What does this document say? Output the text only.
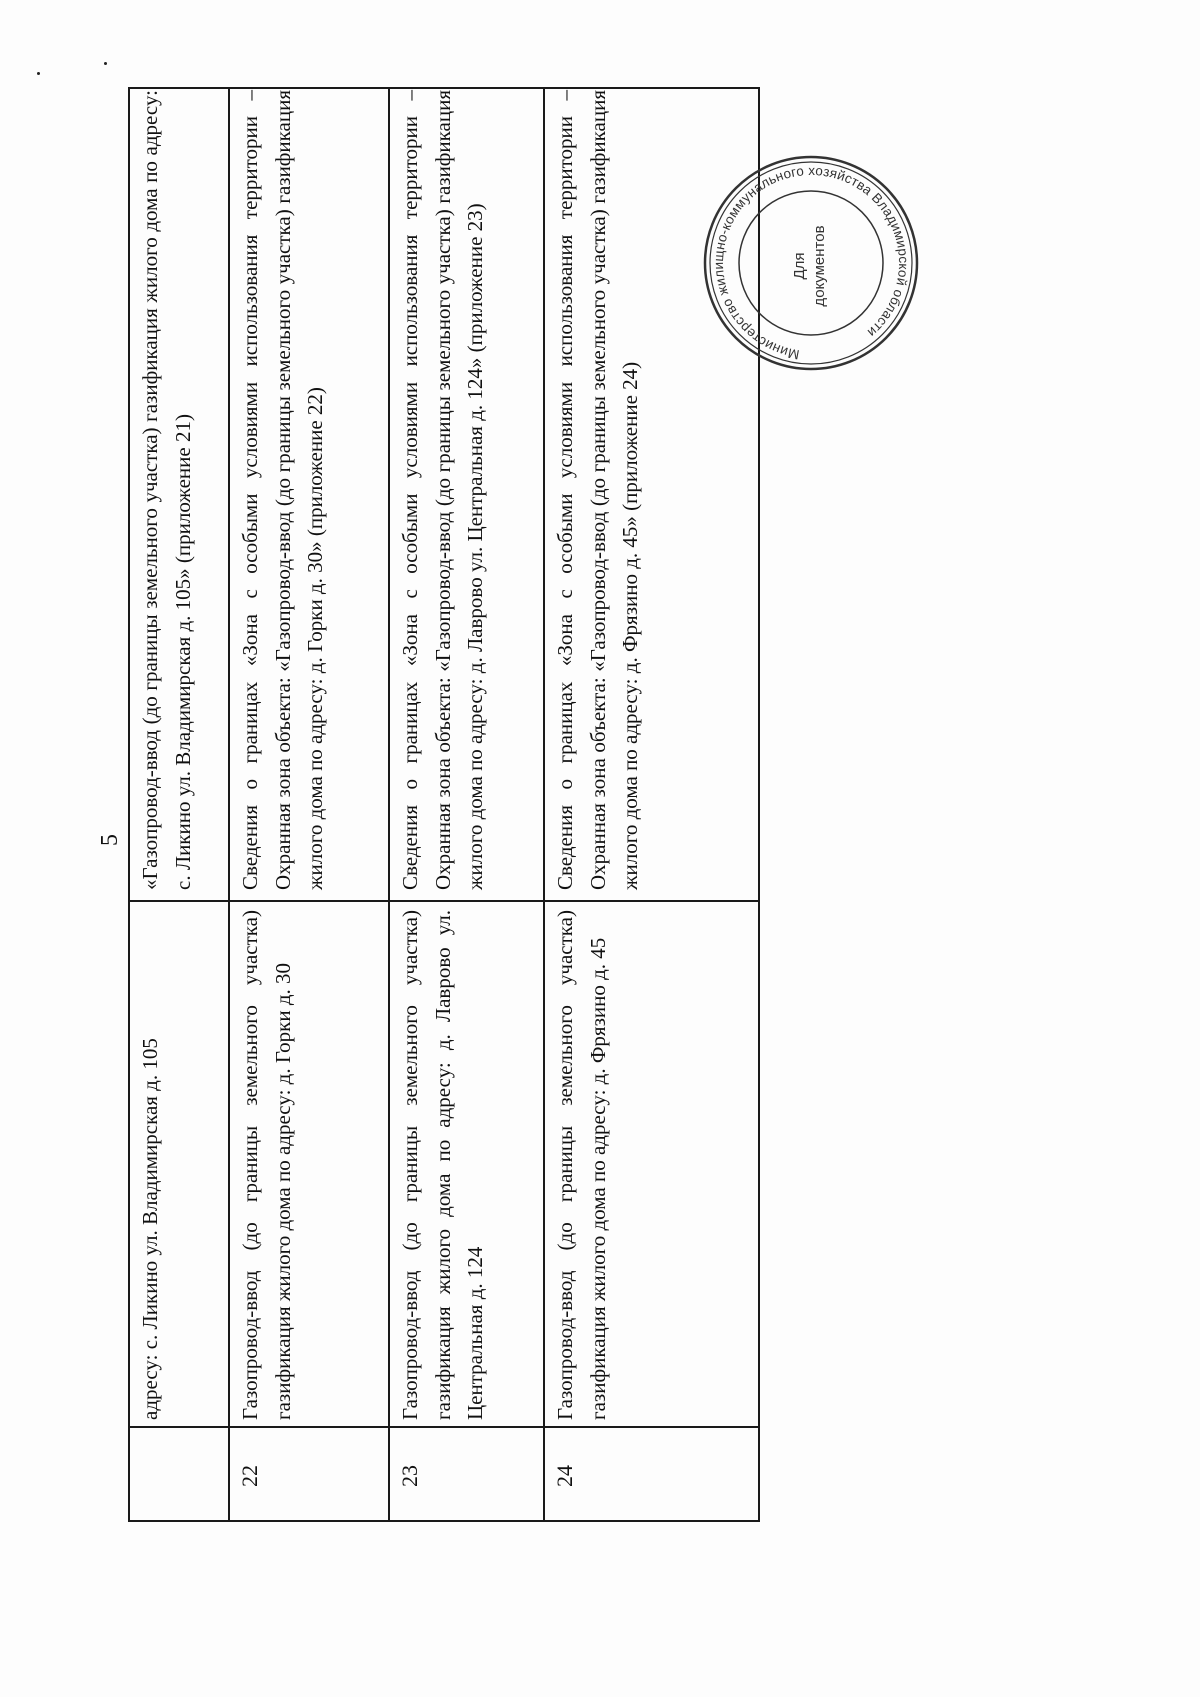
5
адресу: с. Ликино ул. Владимирская д. 105
«Газопровод-ввод (до границы земельного участка) газификация жилого дома по адресу: с. Ликино ул. Владимирская д. 105» (приложение 21)
22
Газопровод-ввод (до границы земельного участка) газификация жилого дома по адресу: д. Горки д. 30
Сведения о границах «Зона с особыми условиями использования территории – Охранная зона объекта: «Газопровод-ввод (до границы земельного участка) газификация жилого дома по адресу: д. Горки д. 30» (приложение 22)
23
Газопровод-ввод (до границы земельного участка) газификация жилого дома по адресу: д. Лаврово ул. Центральная д. 124
Сведения о границах «Зона с особыми условиями использования территории – Охранная зона объекта: «Газопровод-ввод (до границы земельного участка) газификация жилого дома по адресу: д. Лаврово ул. Центральная д. 124» (приложение 23)
24
Газопровод-ввод (до границы земельного участка) газификация жилого дома по адресу: д. Фрязино д. 45
Сведения о границах «Зона с особыми условиями использования территории – Охранная зона объекта: «Газопровод-ввод (до границы земельного участка) газификация жилого дома по адресу: д. Фрязино д. 45» (приложение 24)
Министерство жилищно-коммунального хозяйства Владимирской области
Для документов
